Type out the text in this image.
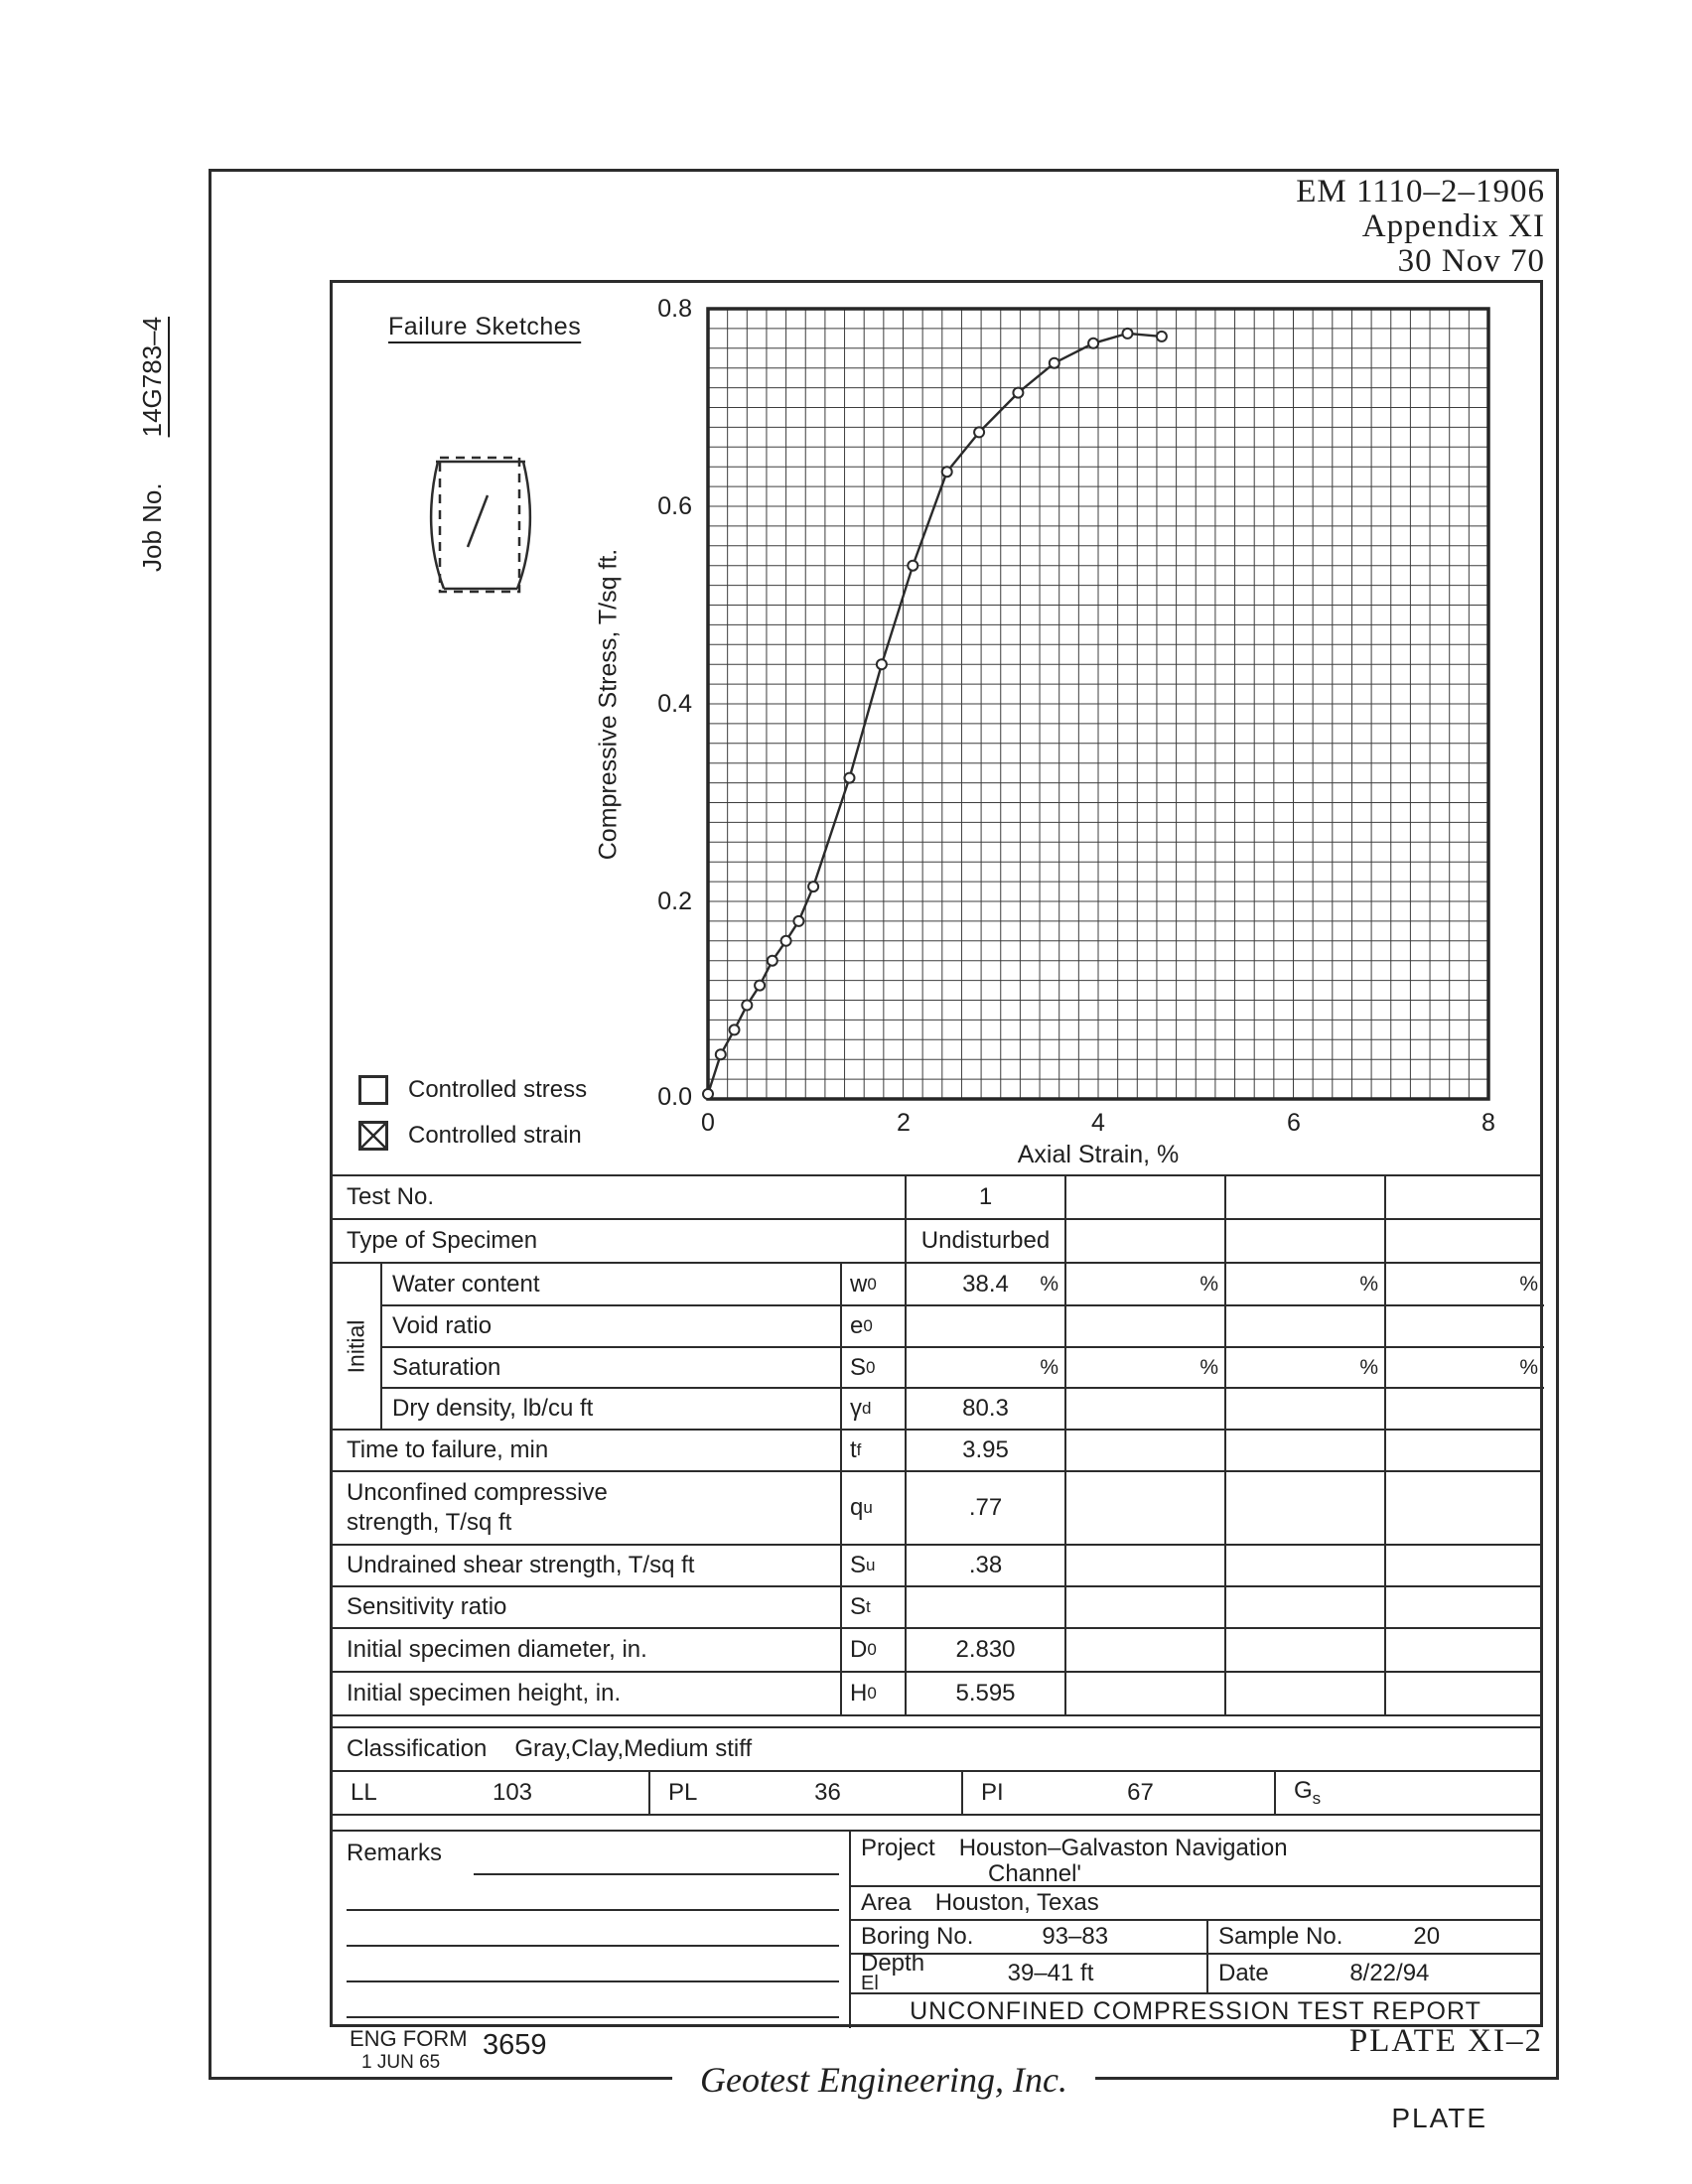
EM 1110–2–1906
Appendix XI
30 Nov 70
Job No.14G783–4	Failure Sketches
Compressive Stress, T/sq ft.
0.8
0.6
0.4
0.2
0.0
0	2	4	6	8
Axial Strain, %
Controlled stress
Controlled strain
Test No.	1
Type of Specimen	Undisturbed
Initial
Water content	w 0	38.4	%	%	%	%
Void ratio	e 0
Saturation	S 0	%	%	%	%
Dry density, lb/cu ft	γ d	80.3
Time to failure, min	t f	3.95
Unconfined compressive
strength, T/sq ft
q u	.77
Undrained shear strength, T/sq ft	S u	.38
Sensitivity ratio	S t
Initial specimen diameter, in.	D 0	2.830
Initial specimen height, in.	H 0	5.595
Classification Gray,Clay,Medium stiff
LL	103	PL	36	PI	67	$G_s$
Remarks	Project Houston–Galvaston Navigation
Channel'
Area Houston, Texas
Boring No.	93–83	Sample No.	20
Depth
El	39–41 ft	Date	8/22/94
UNCONFINED COMPRESSION TEST REPORT
ENG FORM
1 JUN 65
3659	PLATE XI–2
Geotest Engineering, Inc.
PLATE
